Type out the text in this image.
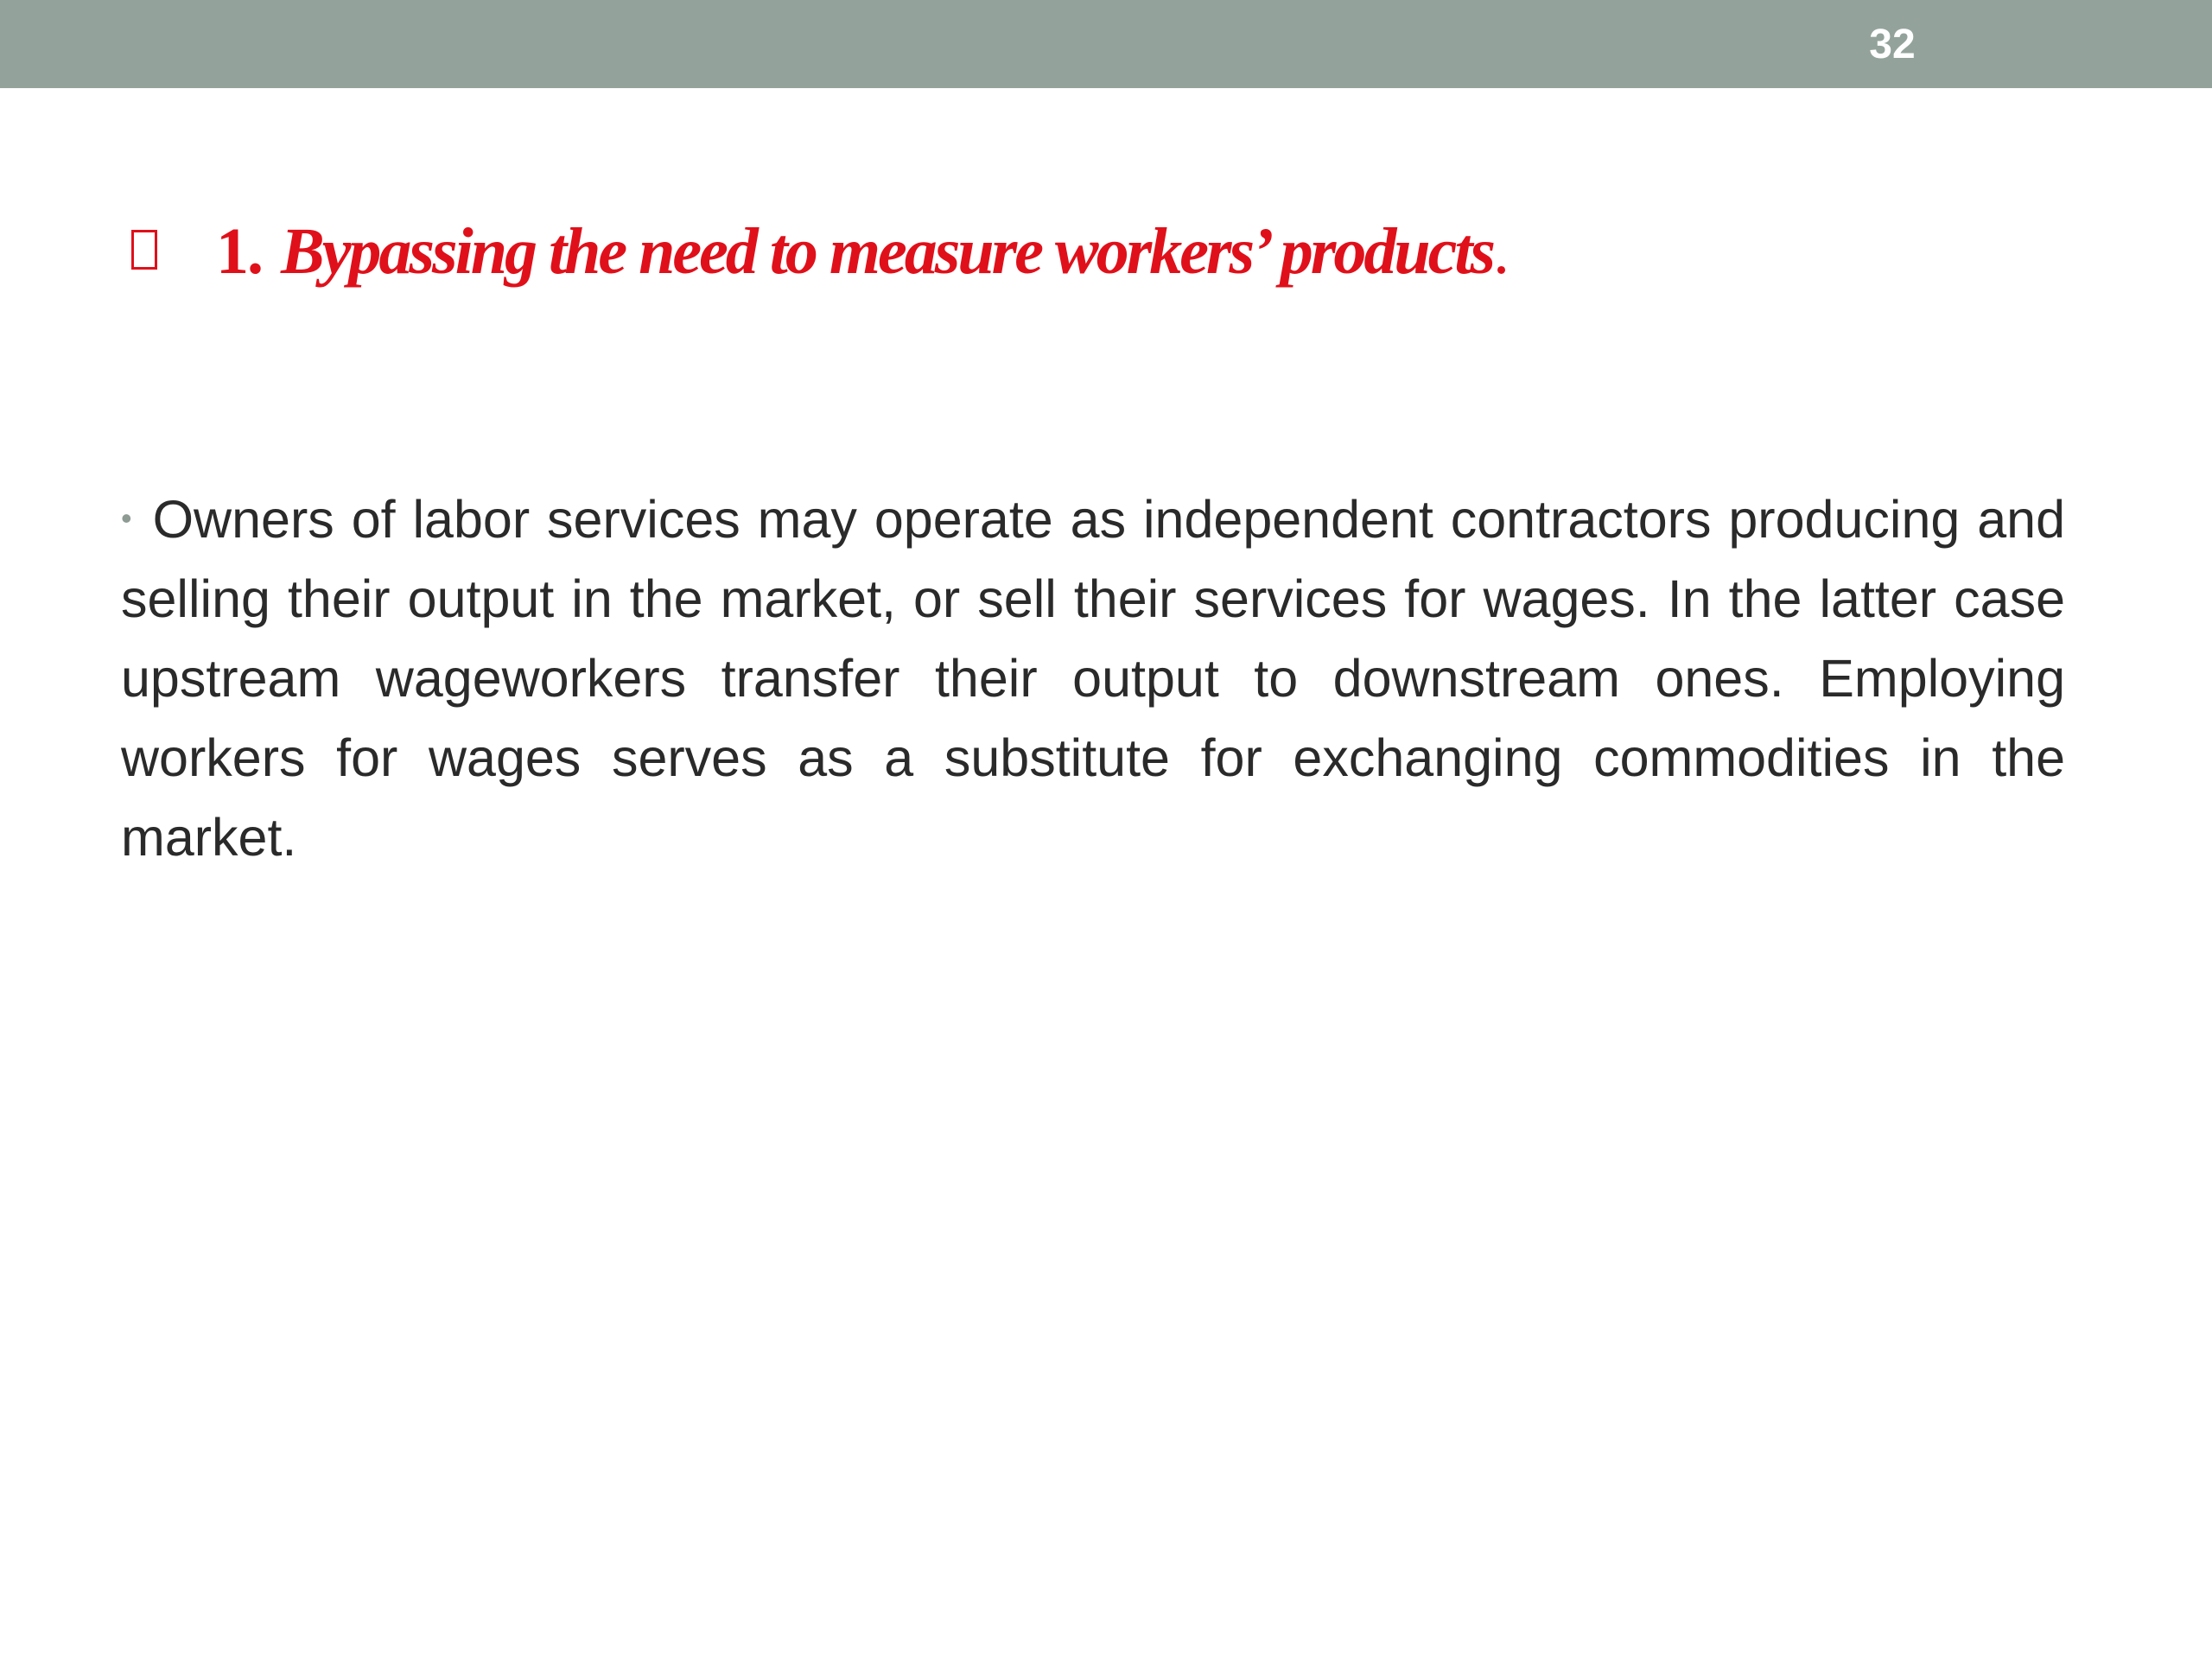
32
1. Bypassing the need to measure workers’ products.
• Owners of labor services may operate as independent contractors producing and selling their output in the market, or sell their services for wages. In the latter case upstream wageworkers transfer their output to downstream ones. Employing workers for wages serves as a substitute for exchanging commodities in the market.
